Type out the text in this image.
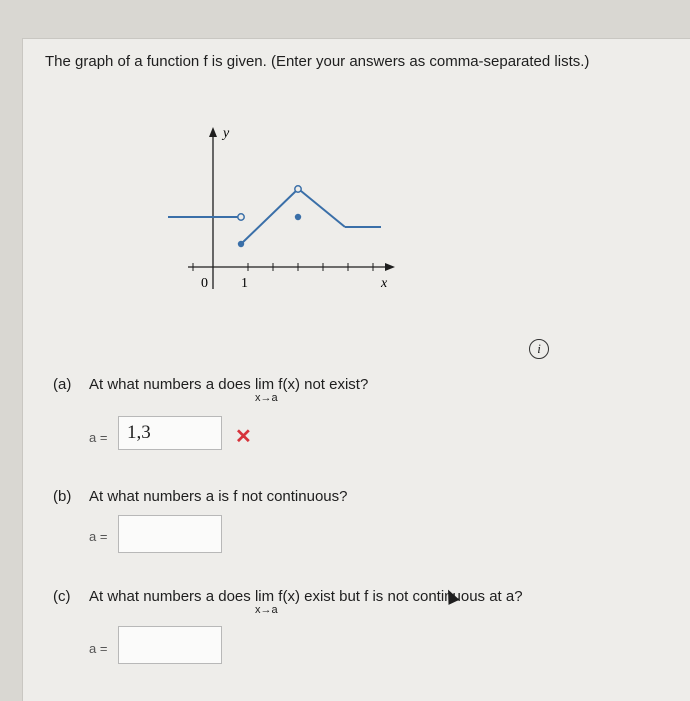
The graph of a function f is given. (Enter your answers as comma-separated lists.)
y
x
0 1
i
(a) At what numbers a does lim
x→a
f(x) not exist?
a =	1,3	✕
(b) At what numbers a is f not continuous?
a =
(c) At what numbers a does lim
x→a
f(x) exist but f is not continuous at a?
a =
